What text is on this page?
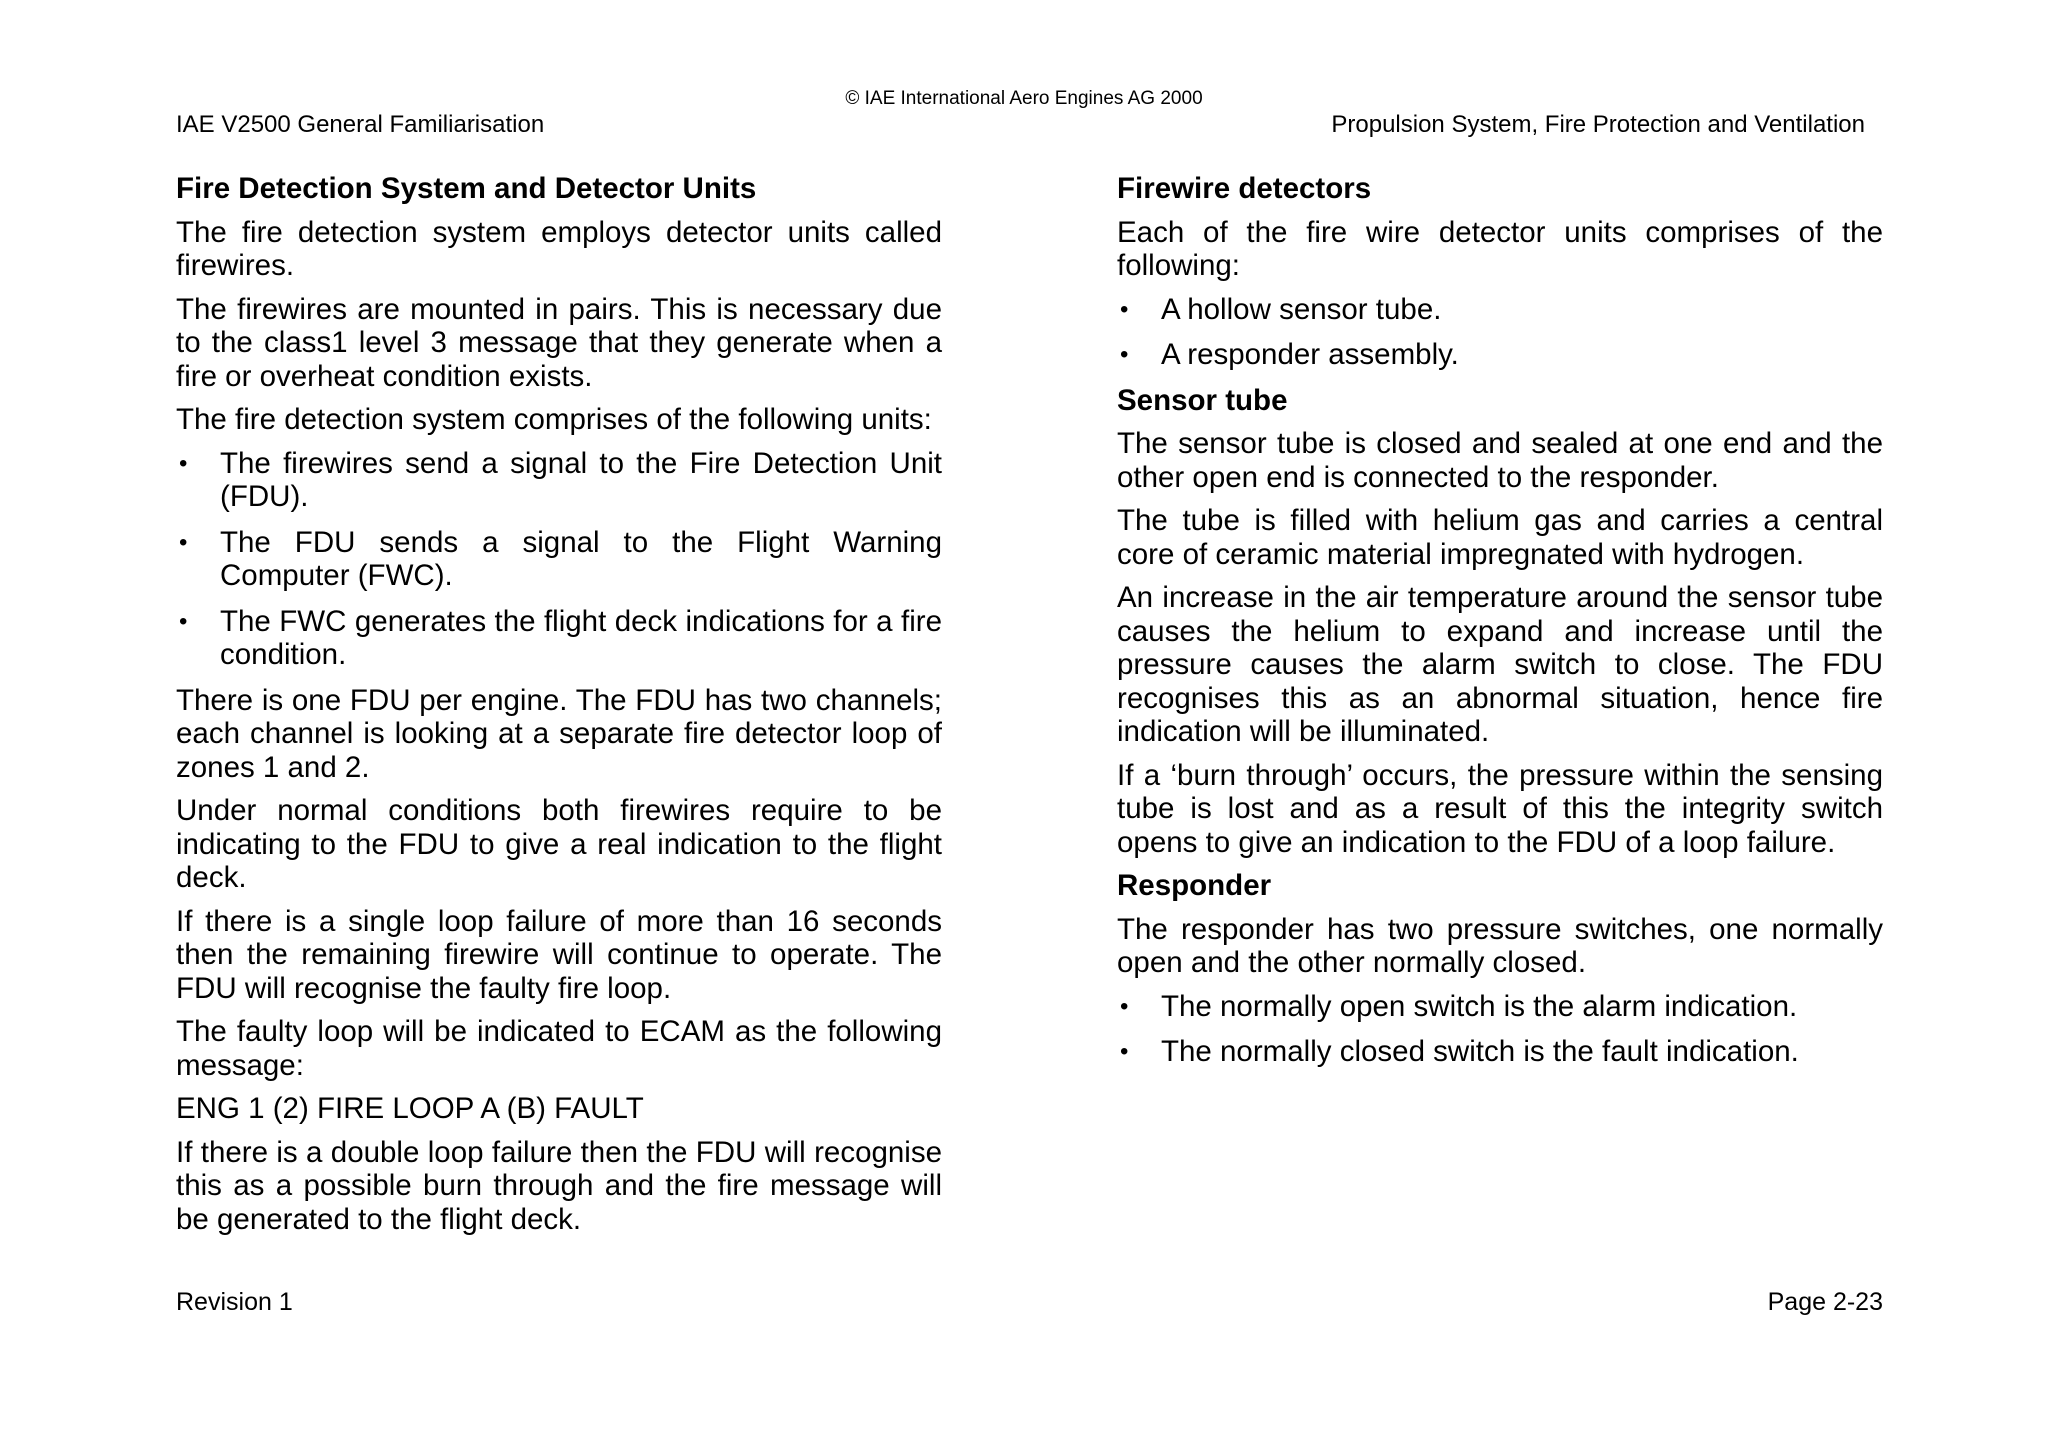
© IAE International Aero Engines AG 2000
IAE V2500 General Familiarisation	Propulsion System, Fire Protection and Ventilation
Fire Detection System and Detector Units

The fire detection system employs detector units called firewires.

The firewires are mounted in pairs. This is necessary due to the class1 level 3 message that they generate when a fire or overheat condition exists.

The fire detection system comprises of the following units:

• The firewires send a signal to the Fire Detection Unit (FDU).
• The FDU sends a signal to the Flight Warning Computer (FWC).
• The FWC generates the flight deck indications for a fire condition.

There is one FDU per engine. The FDU has two channels; each channel is looking at a separate fire detector loop of zones 1 and 2.

Under normal conditions both firewires require to be indicating to the FDU to give a real indication to the flight deck.

If there is a single loop failure of more than 16 seconds then the remaining firewire will continue to operate. The FDU will recognise the faulty fire loop.

The faulty loop will be indicated to ECAM as the following message:

ENG 1 (2) FIRE LOOP A (B) FAULT

If there is a double loop failure then the FDU will recognise this as a possible burn through and the fire message will be generated to the flight deck.

Firewire detectors

Each of the fire wire detector units comprises of the following:

• A hollow sensor tube.
• A responder assembly.
Sensor tube

The sensor tube is closed and sealed at one end and the other open end is connected to the responder.

The tube is filled with helium gas and carries a central core of ceramic material impregnated with hydrogen.

An increase in the air temperature around the sensor tube causes the helium to expand and increase until the pressure causes the alarm switch to close. The FDU recognises this as an abnormal situation, hence fire indication will be illuminated.

If a ‘burn through’ occurs, the pressure within the sensing tube is lost and as a result of this the integrity switch opens to give an indication to the FDU of a loop failure.

Responder

The responder has two pressure switches, one normally open and the other normally closed.

• The normally open switch is the alarm indication.
• The normally closed switch is the fault indication.
Revision 1	Page 2-23
